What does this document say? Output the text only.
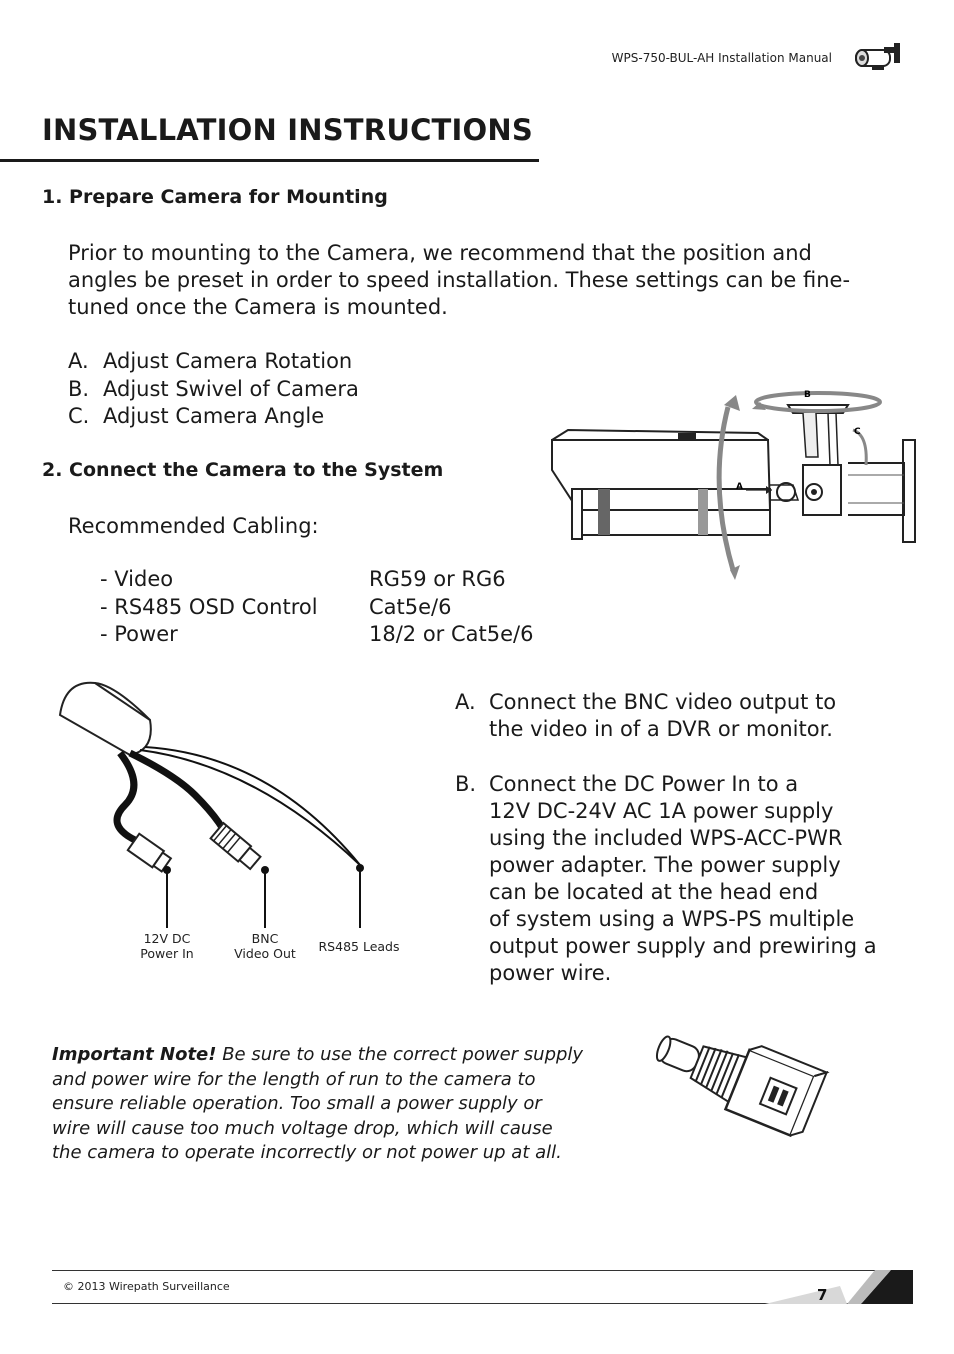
WPS-750-BUL-AH Installation Manual
INSTALLATION INSTRUCTIONS
1. Prepare Camera for Mounting

Prior to mounting to the Camera, we recommend that the position and

angles be preset in order to speed installation. These settings can be fine-

tuned once the Camera is mounted.

A. Adjust Camera Rotation
B. Adjust Swivel of Camera
C. Adjust Camera Angle
A
B
C
2. Connect the Camera to the System
Recommended Cabling:
- Video	RG59 or RG6
- RS485 OSD Control Cat5e/6
- Power	18/2 or Cat5e/6
12V DC
Power In
BNC
Video Out	RS485 Leads
A. Connect the BNC video output to

the video in of a DVR or monitor.

B. Connect the DC Power In to a

12V DC-24V AC 1A power supply

using the included WPS-ACC-PWR

power adapter. The power supply

can be located at the head end

of system using a WPS-PS multiple

output power supply and prewiring a

power wire.

Important Note! Be sure to use the correct power supply
and power wire for the length of run to the camera to
ensure reliable operation. Too small a power supply or
wire will cause too much voltage drop, which will cause
the camera to operate incorrectly or not power up at all.
© 2013 Wirepath Surveillance	7
